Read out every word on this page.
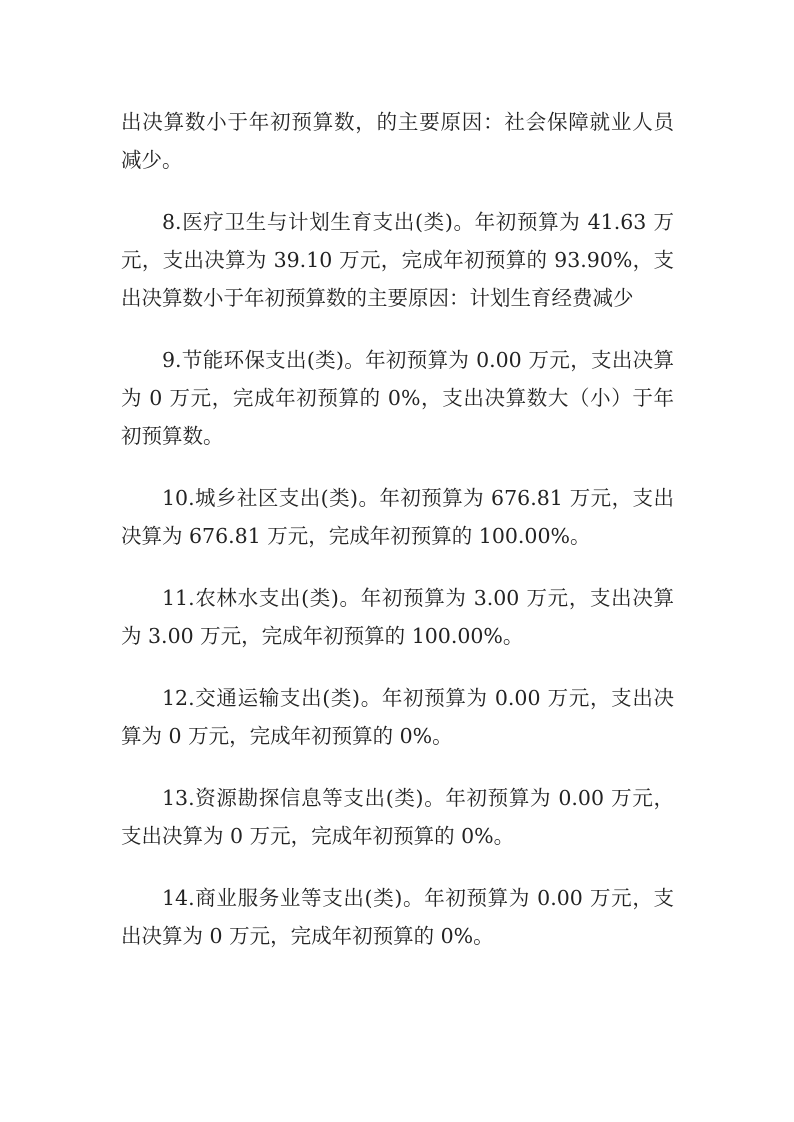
出决算数小于年初预算数，的主要原因：社会保障就业人员减少。

8.医疗卫生与计划生育支出(类)。年初预算为 41.63 万元，支出决算为 39.10 万元，完成年初预算的 93.90%，支出决算数小于年初预算数的主要原因：计划生育经费减少

9.节能环保支出(类)。年初预算为 0.00 万元，支出决算为 0 万元，完成年初预算的 0%，支出决算数大（小）于年初预算数。

10.城乡社区支出(类)。年初预算为 676.81 万元，支出决算为 676.81 万元，完成年初预算的 100.00%。

11.农林水支出(类)。年初预算为 3.00 万元，支出决算为 3.00 万元，完成年初预算的 100.00%。

12.交通运输支出(类)。年初预算为 0.00 万元，支出决算为 0 万元，完成年初预算的 0%。

13.资源勘探信息等支出(类)。年初预算为 0.00 万元，支出决算为 0 万元，完成年初预算的 0%。

14.商业服务业等支出(类)。年初预算为 0.00 万元，支出决算为 0 万元，完成年初预算的 0%。
